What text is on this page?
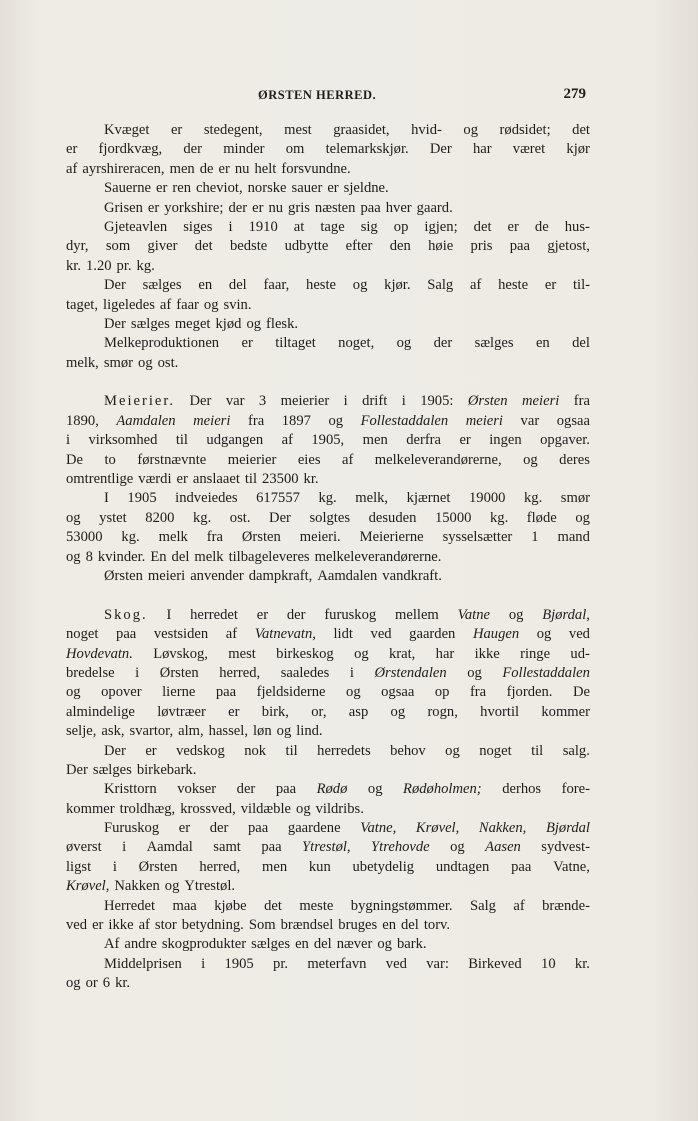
ØRSTEN HERRED.	279
Kvæget er stedegent, mest graasidet, hvid- og rødsidet; det
er fjordkvæg, der minder om telemarkskjør. Der har været kjør
af ayrshireracen, men de er nu helt forsvundne.
Sauerne er ren cheviot, norske sauer er sjeldne.
Grisen er yorkshire; der er nu gris næsten paa hver gaard.
Gjeteavlen siges i 1910 at tage sig op igjen; det er de hus-
dyr, som giver det bedste udbytte efter den høie pris paa gjetost,
kr. 1.20 pr. kg.
Der sælges en del faar, heste og kjør. Salg af heste er til-
taget, ligeledes af faar og svin.
Der sælges meget kjød og flesk.
Melkeproduktionen er tiltaget noget, og der sælges en del
melk, smør og ost.
Meierier. Der var 3 meierier i drift i 1905: Ørsten meieri fra
1890, Aamdalen meieri fra 1897 og Follestaddalen meieri var ogsaa
i virksomhed til udgangen af 1905, men derfra er ingen opgaver.
De to førstnævnte meierier eies af melkeleverandørerne, og deres
omtrentlige værdi er anslaaet til 23500 kr.
I 1905 indveiedes 617557 kg. melk, kjærnet 19000 kg. smør
og ystet 8200 kg. ost. Der solgtes desuden 15000 kg. fløde og
53000 kg. melk fra Ørsten meieri. Meierierne sysselsætter 1 mand
og 8 kvinder. En del melk tilbageleveres melkeleverandørerne.
Ørsten meieri anvender dampkraft, Aamdalen vandkraft.
Skog. I herredet er der furuskog mellem Vatne og Bjørdal,
noget paa vestsiden af Vatnevatn, lidt ved gaarden Haugen og ved
Hovdevatn. Løvskog, mest birkeskog og krat, har ikke ringe ud-
bredelse i Ørsten herred, saaledes i Ørstendalen og Follestaddalen
og opover lierne paa fjeldsiderne og ogsaa op fra fjorden. De
almindelige løvtræer er birk, or, asp og rogn, hvortil kommer
selje, ask, svartor, alm, hassel, løn og lind.
Der er vedskog nok til herredets behov og noget til salg.
Der sælges birkebark.
Kristtorn vokser der paa Rødø og Rødøholmen; derhos fore-
kommer troldhæg, krossved, vildæble og vildribs.
Furuskog er der paa gaardene Vatne, Krøvel, Nakken, Bjørdal
øverst i Aamdal samt paa Ytrestøl, Ytrehovde og Aasen sydvest-
ligst i Ørsten herred, men kun ubetydelig undtagen paa Vatne,
Krøvel, Nakken og Ytrestøl.
Herredet maa kjøbe det meste bygningstømmer. Salg af brænde-
ved er ikke af stor betydning. Som brændsel bruges en del torv.
Af andre skogprodukter sælges en del næver og bark.
Middelprisen i 1905 pr. meterfavn ved var: Birkeved 10 kr.
og or 6 kr.
